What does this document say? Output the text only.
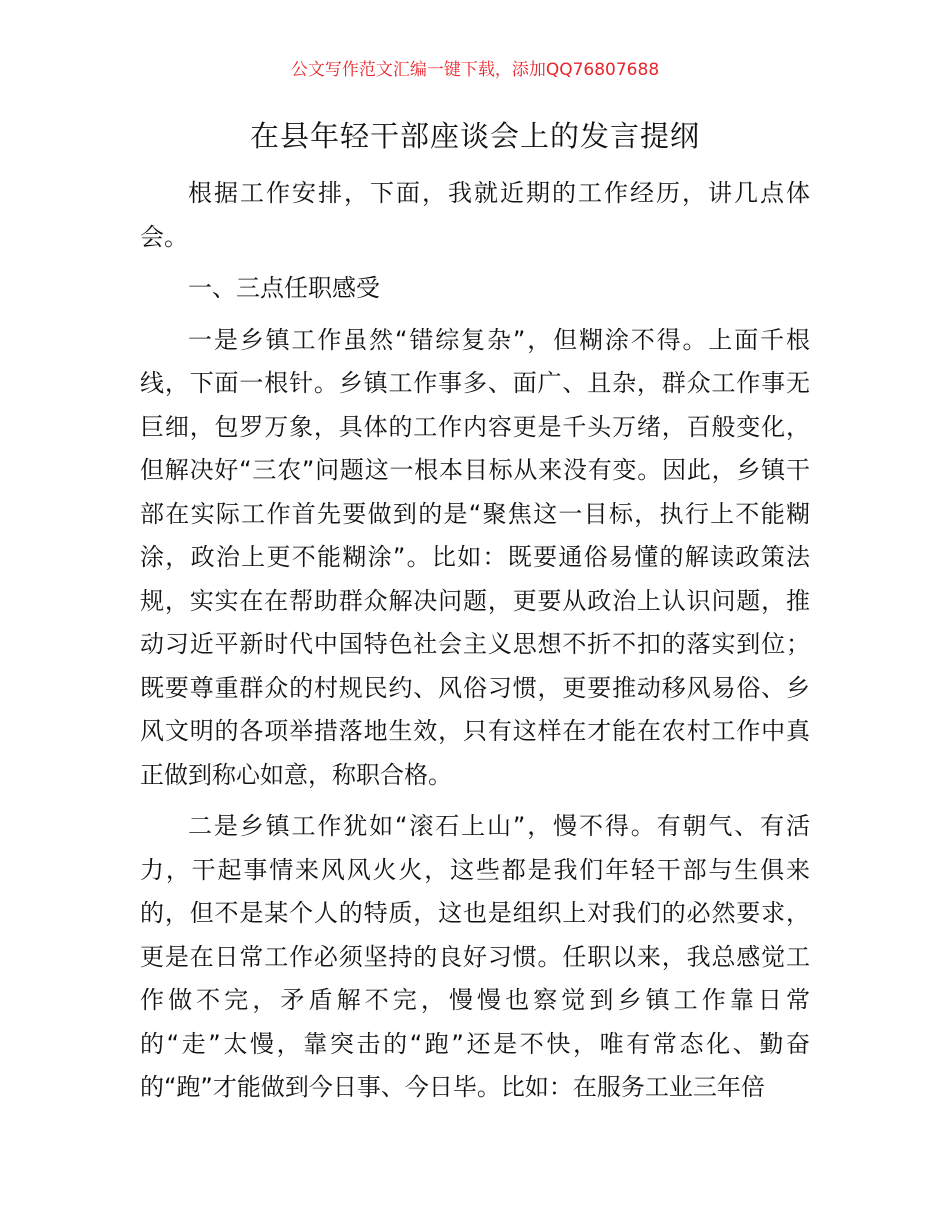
公文写作范文汇编一键下载，添加QQ76807688
在县年轻干部座谈会上的发言提纲

根据工作安排，下面，我就近期的工作经历，讲几点体会。

一、三点任职感受

一是乡镇工作虽然“错综复杂”，但糊涂不得。上面千根线，下面一根针。乡镇工作事多、面广、且杂，群众工作事无巨细，包罗万象，具体的工作内容更是千头万绪，百般变化，但解决好“三农”问题这一根本目标从来没有变。因此，乡镇干部在实际工作首先要做到的是“聚焦这一目标，执行上不能糊涂，政治上更不能糊涂”。比如：既要通俗易懂的解读政策法规，实实在在帮助群众解决问题，更要从政治上认识问题，推动习近平新时代中国特色社会主义思想不折不扣的落实到位；既要尊重群众的村规民约、风俗习惯，更要推动移风易俗、乡风文明的各项举措落地生效，只有这样在才能在农村工作中真正做到称心如意，称职合格。

二是乡镇工作犹如“滚石上山”，慢不得。有朝气、有活力，干起事情来风风火火，这些都是我们年轻干部与生俱来的，但不是某个人的特质，这也是组织上对我们的必然要求，更是在日常工作必须坚持的良好习惯。任职以来，我总感觉工作做不完，矛盾解不完，慢慢也察觉到乡镇工作靠日常的“走”太慢，靠突击的“跑”还是不快，唯有常态化、勤奋的“跑”才能做到今日事、今日毕。比如：在服务工业三年倍
